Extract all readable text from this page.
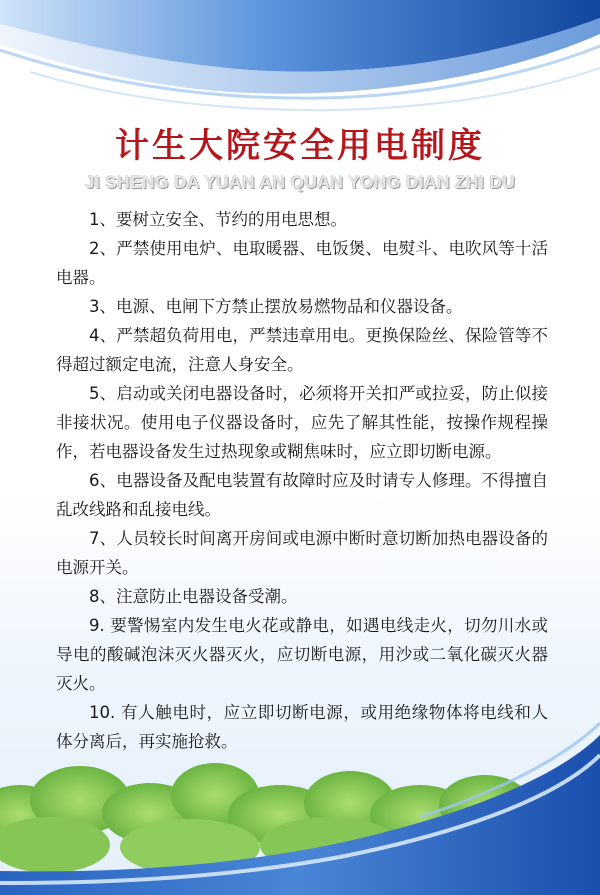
计生大院安全用电制度
JI SHENG DA YUAN AN QUAN YONG DIAN ZHI DU

1、要树立安全、节约的用电思想。

2、严禁使用电炉、电取暖器、电饭煲、电熨斗、电吹风等十活电器。

3、电源、电闸下方禁止摆放易燃物品和仪器设备。

4、严禁超负荷用电，严禁违章用电。更换保险丝、保险管等不得超过额定电流，注意人身安全。

5、启动或关闭电器设备时，必须将开关扣严或拉妥，防止似接非接状况。使用电子仪器设备时，应先了解其性能，按操作规程操作，若电器设备发生过热现象或糊焦味时，应立即切断电源。

6、电器设备及配电装置有故障时应及时请专人修理。不得擅自乱改线路和乱接电线。

7、人员较长时间离开房间或电源中断时意切断加热电器设备的电源开关。

8、注意防止电器设备受潮。

9. 要警惕室内发生电火花或静电，如遇电线走火，切勿川水或导电的酸碱泡沫灭火器灭火，应切断电源，用沙或二氧化碳灭火器灭火。

10. 有人触电时，应立即切断电源，或用绝缘物体将电线和人体分离后，再实施抢救。
